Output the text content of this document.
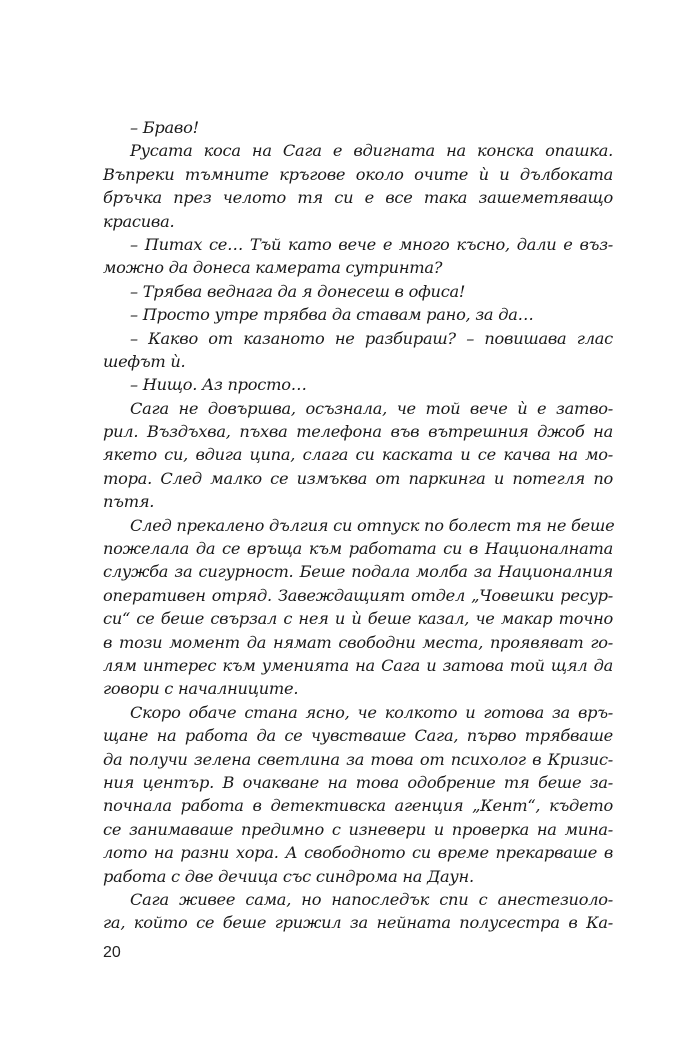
– Браво!
Русата коса на Сага е вдигната на конска опашка.
Въпреки тъмните кръгове около очите ѝ и дълбоката
бръчка през челото тя си е все така зашеметяващо
красива.
– Питах се… Тъй като вече е много късно, дали е въз-
можно да донеса камерата сутринта?
– Трябва веднага да я донесеш в офиса!
– Просто утре трябва да ставам рано, за да…
– Какво от казаното не разбираш? – повишава глас
шефът ѝ.
– Нищо. Аз просто…
Сага не довършва, осъзнала, че той вече ѝ е затво-
рил. Въздъхва, пъхва телефона във вътрешния джоб на
якето си, вдига ципа, слага си каската и се качва на мо-
тора. След малко се измъква от паркинга и потегля по
пътя.
След прекалено дългия си отпуск по болест тя не беше
пожелала да се връща към работата си в Националната
служба за сигурност. Беше подала молба за Националния
оперативен отряд. Завеждащият отдел „Човешки ресур-
си“ се беше свързал с нея и ѝ беше казал, че макар точно
в този момент да нямат свободни места, проявяват го-
лям интерес към уменията на Сага и затова той щял да
говори с началниците.
Скоро обаче стана ясно, че колкото и готова за връ-
щане на работа да се чувстваше Сага, първо трябваше
да получи зелена светлина за това от психолог в Кризис-
ния център. В очакване на това одобрение тя беше за-
почнала работа в детективска агенция „Кент“, където
се занимаваше предимно с изневери и проверка на мина-
лото на разни хора. А свободното си време прекарваше в
работа с две дечица със синдрома на Даун.
Сага живее сама, но напоследък спи с анестезиоло-
га, който се беше грижил за нейната полусестра в Ка-
20
